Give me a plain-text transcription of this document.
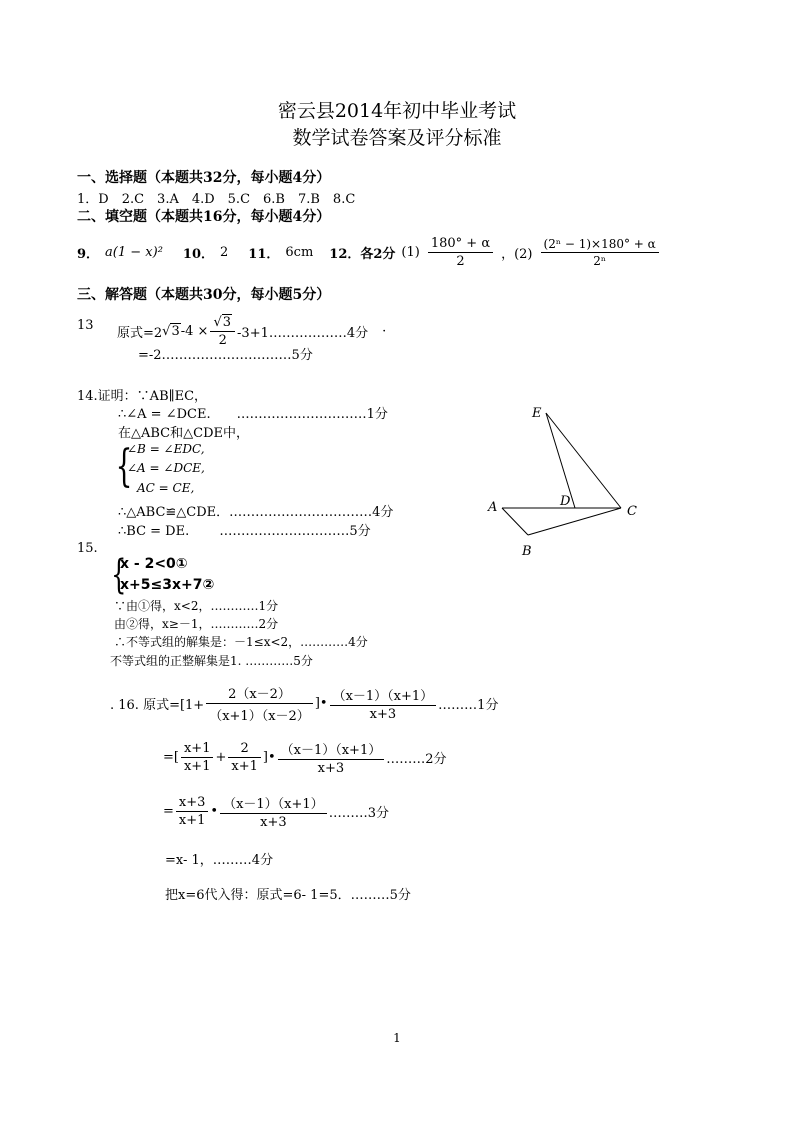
密云县2014年初中毕业考试
数学试卷答案及评分标准
一、选择题（本题共32分，每小题4分）
1．D　2.C　3.A　4.D　5.C　6.B　7.B　8.C
二、填空题（本题共16分，每小题4分）
9． a(1 − x)² 10． 2 11． 6cm 12．各2分 $(1) \frac{180^\circ + \alpha}{2}$ ，$(2) \frac{\text{(2ⁿ − 1)×180° + α}}{\text{2ⁿ}}$
三、解答题（本题共30分，每小题5分）
13 原式=2 √ 3 $-4 \times \frac{√3}{2}$ -3+1………………4分 ·
=-2…………………………5分
14.证明：∵AB∥EC，
∴∠A = ∠DCE.　　…………………………1分
在△ABC和△CDE中，
{
∠B = ∠EDC,
∠A = ∠DCE,
AC = CE,
∴△ABC≌△CDE．……………………………4分
∴BC = DE.　　 …………………………5分
E
D
A	C
B
15.
{
x - 2<0①
x+5≤3x+7②
∵由①得，x<2，…………1分
由②得，x≥－1，…………2分
∴不等式组的解集是：－1≤x<2，…………4分
不等式组的正整解集是1. …………5分
. 16. 原式$=[1+ \frac{2(x-2)}{(x+1)(x-2)}$ ]• $\frac{(x-1)(x+1)}{x+3}$ ………1分
=[ $\frac{x+1}{x+1} + \frac{2}{x+1}$ ]• $\frac{(x-1)(x+1)}{x+3}$ ………2分
= $\frac{x+3}{x+1}$ • $\frac{(x-1)(x+1)}{x+3}$ ………3分
=x- 1，………4分
把x=6代入得：原式=6- 1=5．………5分
1
